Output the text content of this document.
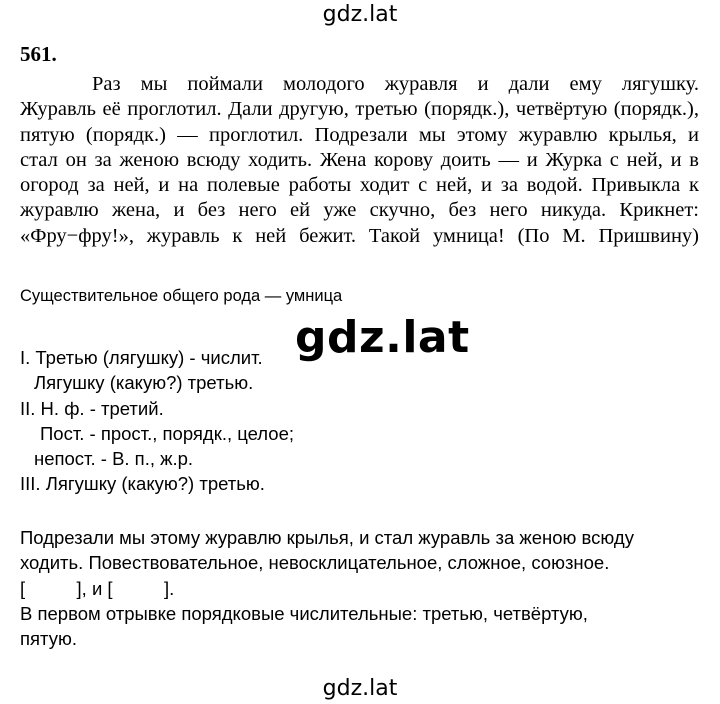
gdz.lat
561.
Раз мы поймали молодого журавля и дали ему лягушку.
Журавль её проглотил. Дали другую, третью (порядк.), четвёртую (порядк.),
пятую (порядк.) — проглотил. Подрезали мы этому журавлю крылья, и
стал он за женою всюду ходить. Жена корову доить — и Журка с ней, и в
огород за ней, и на полевые работы ходит с ней, и за водой. Привыкла к
журавлю жена, и без него ей уже скучно, без него никуда. Крикнет:
«Фру−фру!», журавль к ней бежит. Такой умница! (По М. Пришвину)
Существительное общего рода — умница
gdz.lat
I. Третью (лягушку) - числит.
Лягушку (какую?) третью.
II. Н. ф. - третий.
Пост. - прост., порядк., целое;
непост. - В. п., ж.р.
III. Лягушку (какую?) третью.
Подрезали мы этому журавлю крылья, и стал журавль за женою всюду
ходить. Повествовательное, невосклицательное, сложное, союзное.
[          ], и [          ].
В первом отрывке порядковые числительные: третью, четвёртую,
пятую.
gdz.lat
